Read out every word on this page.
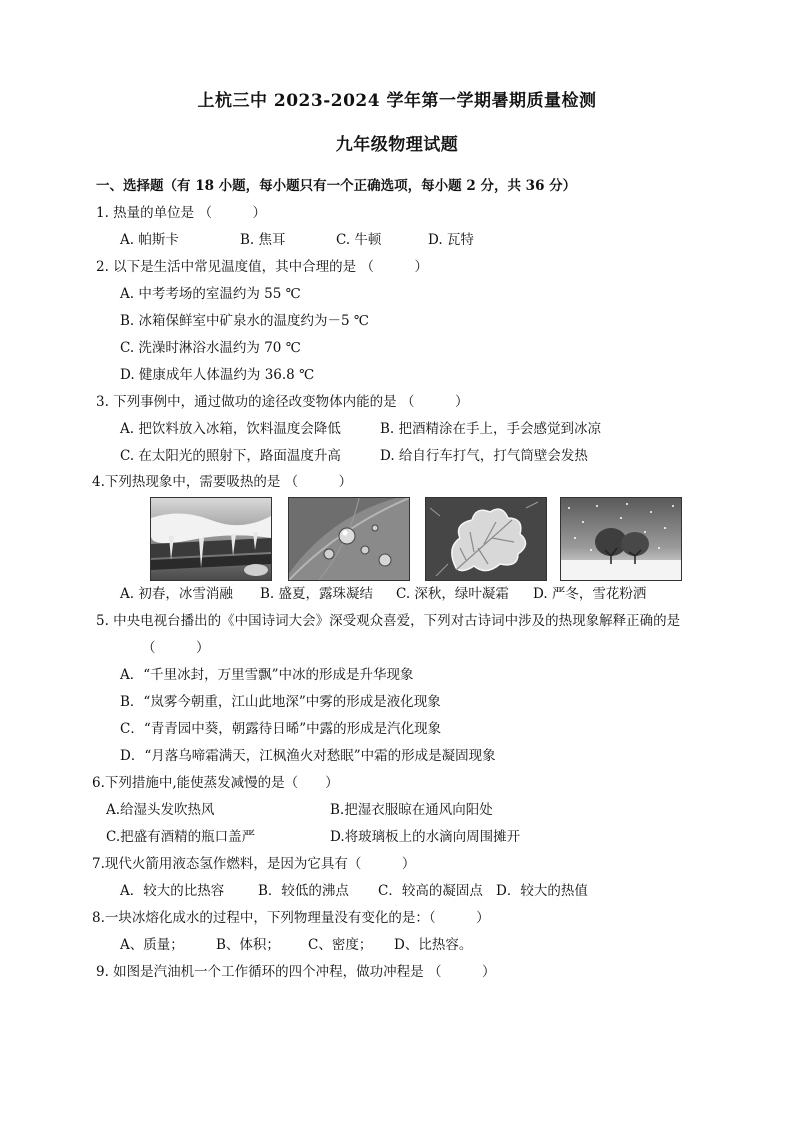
上杭三中 2023-2024 学年第一学期暑期质量检测
九年级物理试题
一、选择题（有 18 小题，每小题只有一个正确选项，每小题 2 分，共 36 分）
1. 热量的单位是 （　　　）
A. 帕斯卡	B. 焦耳	C. 牛顿	D. 瓦特
2. 以下是生活中常见温度值，其中合理的是 （　　　）
A. 中考考场的室温约为 55 ℃
B. 冰箱保鲜室中矿泉水的温度约为－5 ℃
C. 洗澡时淋浴水温约为 70 ℃
D. 健康成年人体温约为 36.8 ℃
3. 下列事例中，通过做功的途径改变物体内能的是 （　　　）
A. 把饮料放入冰箱，饮料温度会降低	B. 把酒精涂在手上，手会感觉到冰凉
C. 在太阳光的照射下，路面温度升高	D. 给自行车打气，打气筒壁会发热
4.下列热现象中，需要吸热的是 （　　　）
A. 初春，冰雪消融 B. 盛夏，露珠凝结 C. 深秋，绿叶凝霜 D. 严冬，雪花粉洒
5. 中央电视台播出的《中国诗词大会》深受观众喜爱，下列对古诗词中涉及的热现象解释正确的是
（　　　）
A．“千里冰封，万里雪飘”中冰的形成是升华现象
B．“岚雾今朝重，江山此地深”中雾的形成是液化现象
C．“青青园中葵，朝露待日晞”中露的形成是汽化现象
D．“月落乌啼霜满天，江枫渔火对愁眠”中霜的形成是凝固现象
6.下列措施中,能使蒸发减慢的是（　　）
A.给湿头发吹热风	B.把湿衣服晾在通风向阳处
C.把盛有酒精的瓶口盖严	D.将玻璃板上的水滴向周围摊开
7.现代火箭用液态氢作燃料，是因为它具有（　　　）
A．较大的比热容	B．较低的沸点 C．较高的凝固点 D．较大的热值
8.一块冰熔化成水的过程中，下列物理量没有变化的是：（　　　）
A、质量； B、体积； C、密度； D、比热容。
9. 如图是汽油机一个工作循环的四个冲程，做功冲程是 （　　　）
